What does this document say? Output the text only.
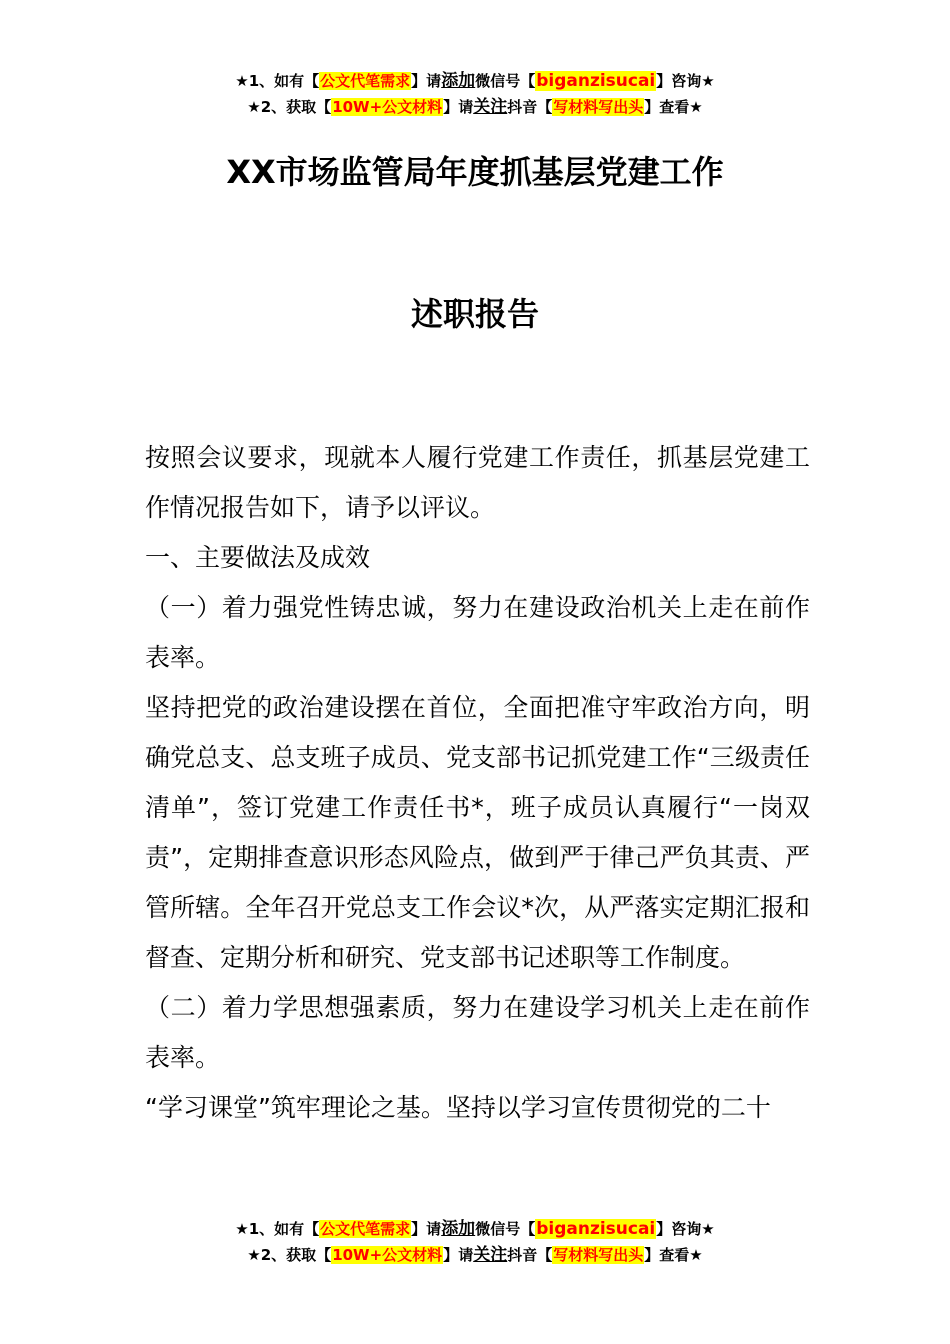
★1、如有【公文代笔需求】请添加微信号【biganzisucai】咨询★
★2、获取【10W+公文材料】请关注抖音【写材料写出头】查看★
XX市场监管局年度抓基层党建工作
述职报告

按照会议要求，现就本人履行党建工作责任，抓基层党建工作情况报告如下，请予以评议。

一、主要做法及成效

（一）着力强党性铸忠诚，努力在建设政治机关上走在前作表率。

坚持把党的政治建设摆在首位，全面把准守牢政治方向，明确党总支、总支班子成员、党支部书记抓党建工作“三级责任清单”，签订党建工作责任书*，班子成员认真履行“一岗双责”，定期排查意识形态风险点，做到严于律己严负其责、严管所辖。全年召开党总支工作会议*次，从严落实定期汇报和督查、定期分析和研究、党支部书记述职等工作制度。

（二）着力学思想强素质，努力在建设学习机关上走在前作表率。

“学习课堂”筑牢理论之基。坚持以学习宣传贯彻党的二十

★1、如有【公文代笔需求】请添加微信号【biganzisucai】咨询★
★2、获取【10W+公文材料】请关注抖音【写材料写出头】查看★
